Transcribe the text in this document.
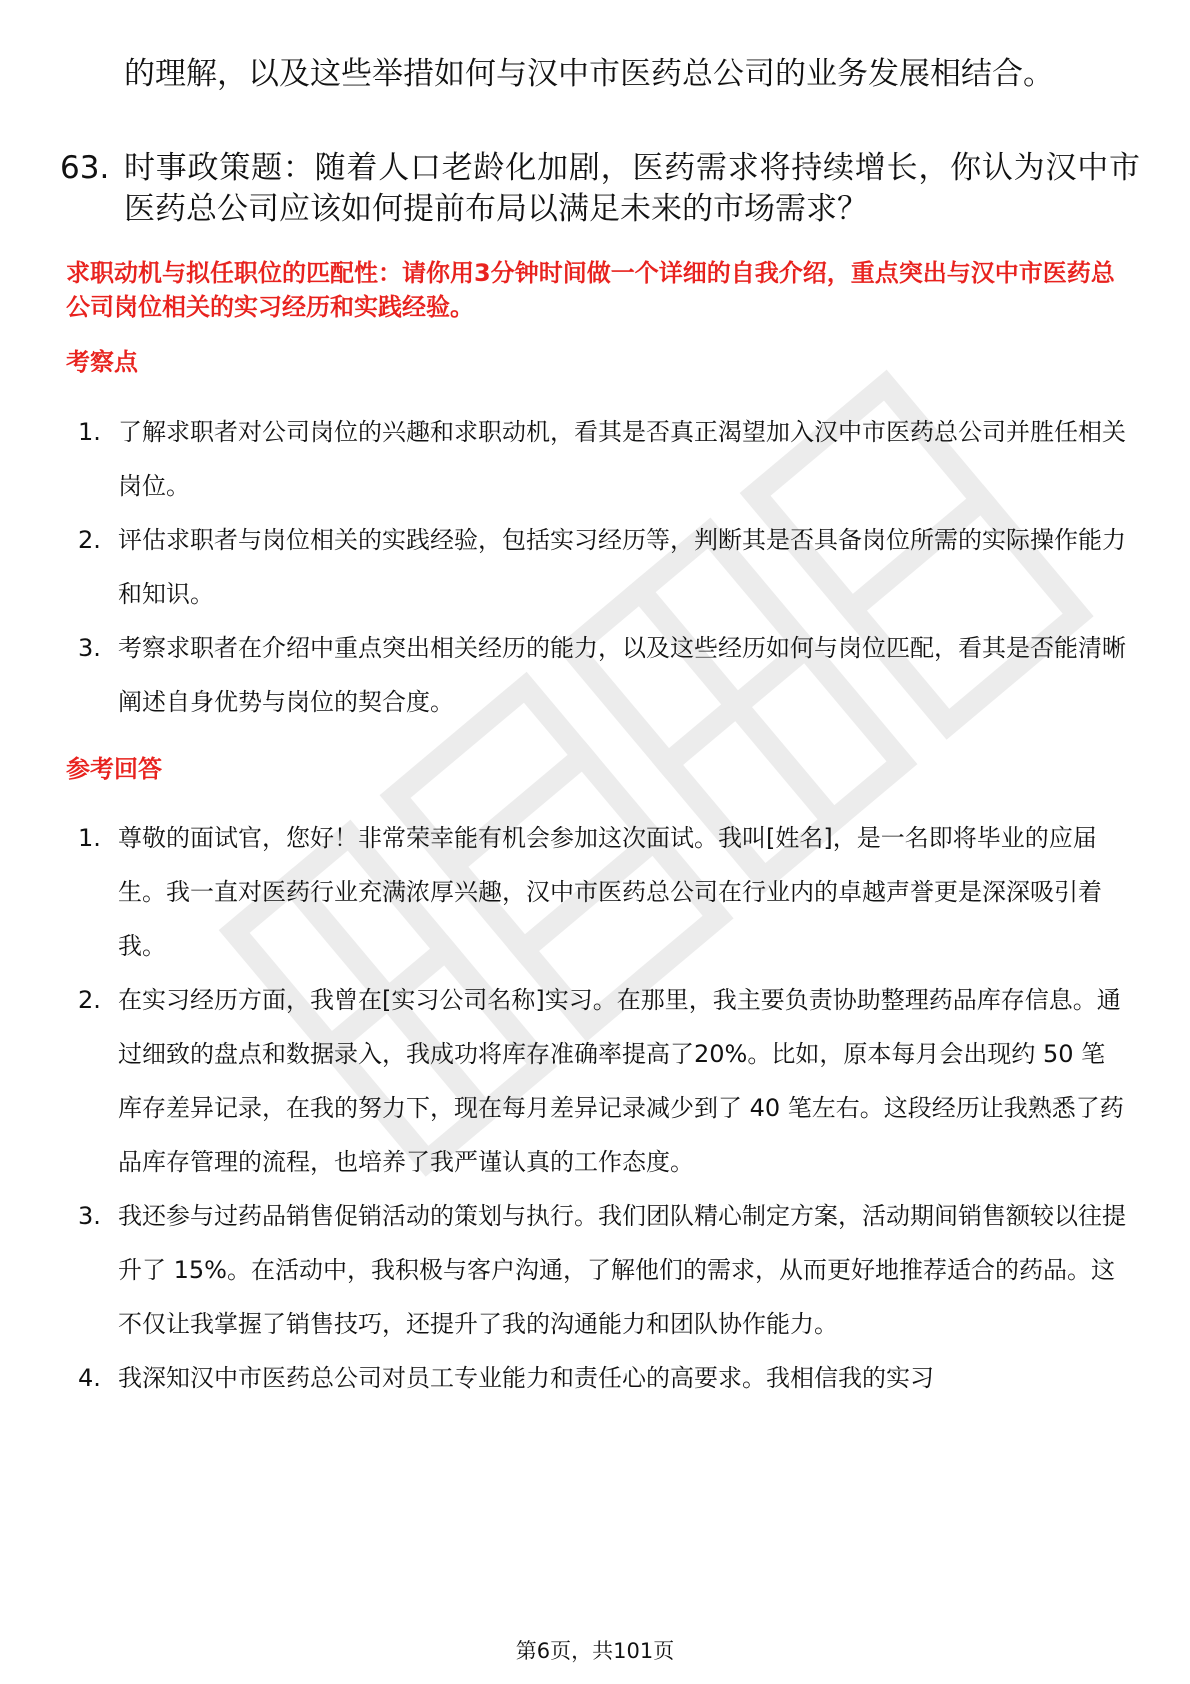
的理解，以及这些举措如何与汉中市医药总公司的业务发展相结合。
63. 时事政策题：随着人口老龄化加剧，医药需求将持续增长，你认为汉中市医药总公司应该如何提前布局以满足未来的市场需求？
求职动机与拟任职位的匹配性：请你用3分钟时间做一个详细的自我介绍，重点突出与汉中市医药总公司岗位相关的实习经历和实践经验。
考察点
1. 了解求职者对公司岗位的兴趣和求职动机，看其是否真正渴望加入汉中市医药总公司并胜任相关岗位。
2. 评估求职者与岗位相关的实践经验，包括实习经历等，判断其是否具备岗位所需的实际操作能力和知识。
3. 考察求职者在介绍中重点突出相关经历的能力，以及这些经历如何与岗位匹配，看其是否能清晰阐述自身优势与岗位的契合度。
参考回答
1. 尊敬的面试官，您好！非常荣幸能有机会参加这次面试。我叫[姓名]，是一名即将毕业的应届生。我一直对医药行业充满浓厚兴趣，汉中市医药总公司在行业内的卓越声誉更是深深吸引着我。
2. 在实习经历方面，我曾在[实习公司名称]实习。在那里，我主要负责协助整理药品库存信息。通过细致的盘点和数据录入，我成功将库存准确率提高了20%。比如，原本每月会出现约 50 笔库存差异记录，在我的努力下，现在每月差异记录减少到了 40 笔左右。这段经历让我熟悉了药品库存管理的流程，也培养了我严谨认真的工作态度。
3. 我还参与过药品销售促销活动的策划与执行。我们团队精心制定方案，活动期间销售额较以往提升了 15%。在活动中，我积极与客户沟通，了解他们的需求，从而更好地推荐适合的药品。这不仅让我掌握了销售技巧，还提升了我的沟通能力和团队协作能力。
4. 我深知汉中市医药总公司对员工专业能力和责任心的高要求。我相信我的实习
第6页，共101页
